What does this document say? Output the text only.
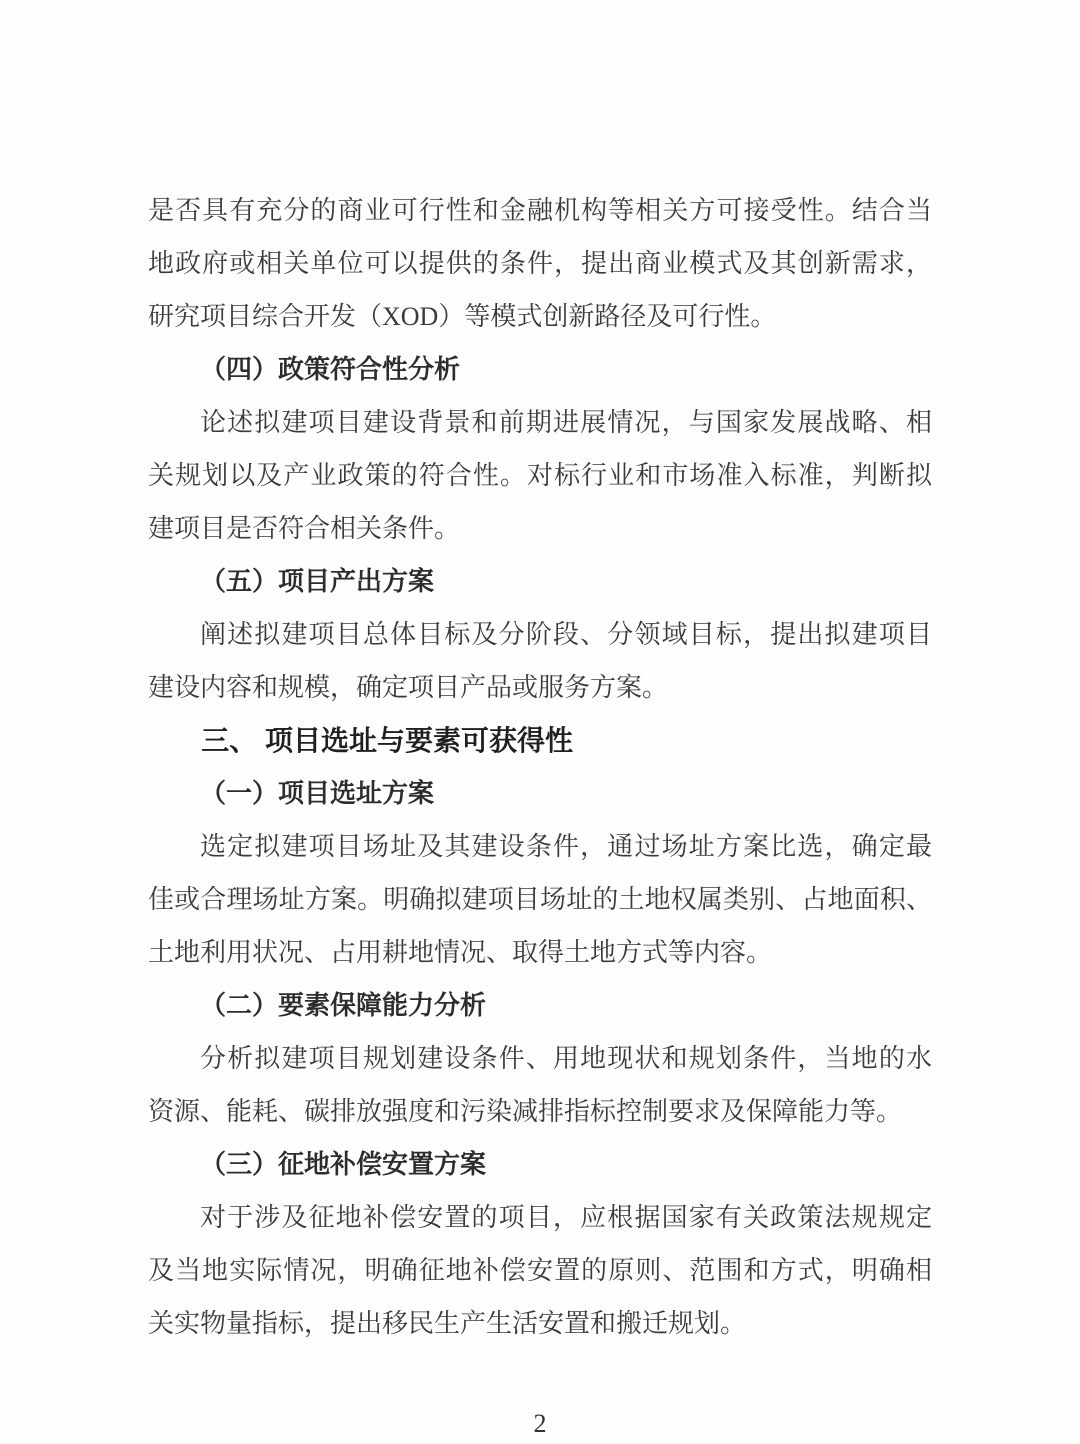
是否具有充分的商业可行性和金融机构等相关方可接受性。结合当
地政府或相关单位可以提供的条件，提出商业模式及其创新需求，
研究项目综合开发（XOD）等模式创新路径及可行性。
（四）政策符合性分析
论述拟建项目建设背景和前期进展情况，与国家发展战略、相
关规划以及产业政策的符合性。对标行业和市场准入标准，判断拟
建项目是否符合相关条件。
（五）项目产出方案
阐述拟建项目总体目标及分阶段、分领域目标，提出拟建项目
建设内容和规模，确定项目产品或服务方案。
三、 项目选址与要素可获得性
（一）项目选址方案
选定拟建项目场址及其建设条件，通过场址方案比选，确定最
佳或合理场址方案。明确拟建项目场址的土地权属类别、占地面积、
土地利用状况、占用耕地情况、取得土地方式等内容。
（二）要素保障能力分析
分析拟建项目规划建设条件、用地现状和规划条件，当地的水
资源、能耗、碳排放强度和污染减排指标控制要求及保障能力等。
（三）征地补偿安置方案
对于涉及征地补偿安置的项目，应根据国家有关政策法规规定
及当地实际情况，明确征地补偿安置的原则、范围和方式，明确相
关实物量指标，提出移民生产生活安置和搬迁规划。
2
